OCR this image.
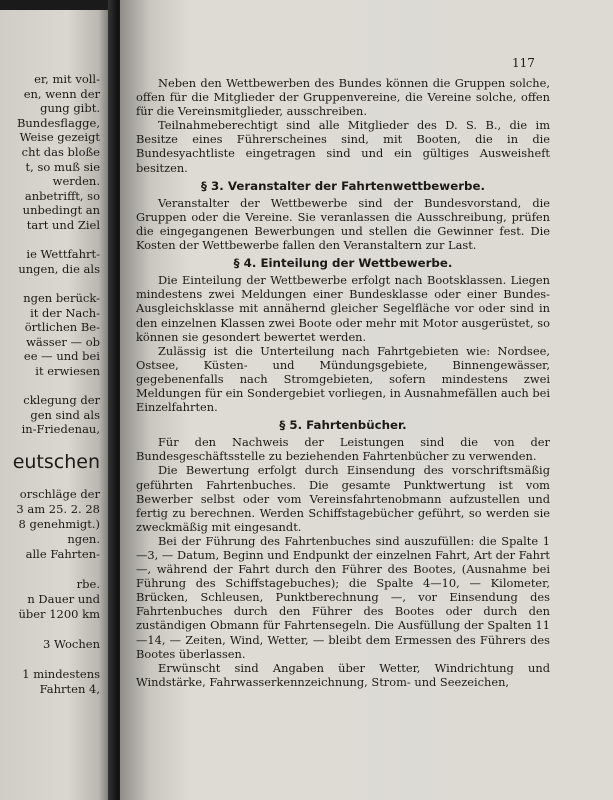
er, mit voll-
en, wenn der
gung gibt.
Bundesflagge,
Weise gezeigt
cht das bloße
t, so muß sie
werden.
anbetrifft, so
unbedingt an
tart und Ziel
ie Wettfahrt-
ungen, die als
ngen berück-
it der Nach-
örtlichen Be-
wässer — ob
ee — und bei
it erwiesen
cklegung der
gen sind als
in-Friedenau,
eutschen
orschläge der
3 am 25. 2. 28
8 genehmigt.)
ngen.
alle Fahrten-
rbe.
n Dauer und
über 1200 km
3 Wochen
1 mindestens
Fahrten 4,
117

Neben den Wettbewerben des Bundes können die Gruppen solche, offen für die Mitglieder der Gruppenvereine, die Vereine solche, offen für die Vereinsmitglieder, ausschreiben.

Teilnahmeberechtigt sind alle Mitglieder des D. S. B., die im Besitze eines Führerscheines sind, mit Booten, die in die Bundesyachtliste eingetragen sind und ein gültiges Ausweisheft besitzen.

§ 3. Veranstalter der Fahrtenwettbewerbe.

Veranstalter der Wettbewerbe sind der Bundesvorstand, die Gruppen oder die Vereine. Sie veranlassen die Ausschreibung, prüfen die eingegangenen Bewerbungen und stellen die Gewinner fest. Die Kosten der Wettbewerbe fallen den Veranstaltern zur Last.

§ 4. Einteilung der Wettbewerbe.

Die Einteilung der Wettbewerbe erfolgt nach Bootsklassen. Liegen mindestens zwei Meldungen einer Bundesklasse oder einer Bundes-Ausgleichsklasse mit annähernd gleicher Segelfläche vor oder sind in den einzelnen Klassen zwei Boote oder mehr mit Motor ausgerüstet, so können sie gesondert bewertet werden.

Zulässig ist die Unterteilung nach Fahrtgebieten wie: Nordsee, Ostsee, Küsten- und Mündungsgebiete, Binnengewässer, gegebenenfalls nach Stromgebieten, sofern mindestens zwei Meldungen für ein Sondergebiet vorliegen, in Ausnahmefällen auch bei Einzelfahrten.

§ 5. Fahrtenbücher.

Für den Nachweis der Leistungen sind die von der Bundesgeschäftsstelle zu beziehenden Fahrtenbücher zu verwenden.

Die Bewertung erfolgt durch Einsendung des vorschriftsmäßig geführten Fahrtenbuches. Die gesamte Punktwertung ist vom Bewerber selbst oder vom Vereinsfahrtenobmann aufzustellen und fertig zu berechnen. Werden Schiffstagebücher geführt, so werden sie zweckmäßig mit eingesandt.

Bei der Führung des Fahrtenbuches sind auszufüllen: die Spalte 1—3, — Datum, Beginn und Endpunkt der einzelnen Fahrt, Art der Fahrt —, während der Fahrt durch den Führer des Bootes, (Ausnahme bei Führung des Schiffstagebuches); die Spalte 4—10, — Kilometer, Brücken, Schleusen, Punktberechnung —, vor Einsendung des Fahrtenbuches durch den Führer des Bootes oder durch den zuständigen Obmann für Fahrtensegeln. Die Ausfüllung der Spalten 11—14, — Zeiten, Wind, Wetter, — bleibt dem Ermessen des Führers des Bootes überlassen.

Erwünscht sind Angaben über Wetter, Windrichtung und Windstärke, Fahrwasserkennzeichnung, Strom- und Seezeichen,
